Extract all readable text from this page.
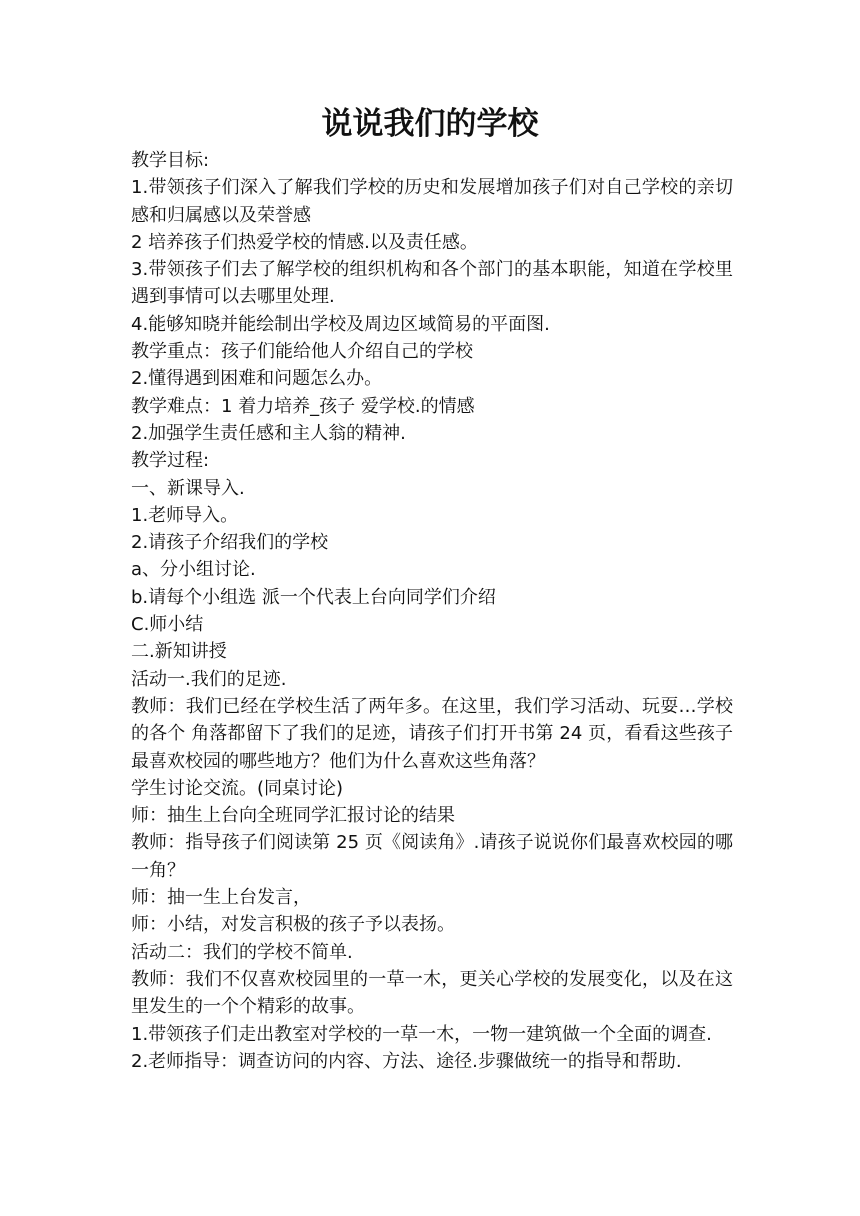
说说我们的学校

教学目标:

1.带领孩子们深入了解我们学校的历史和发展增加孩子们对自己学校的亲切感和归属感以及荣誉感

2 培养孩子们热爱学校的情感.以及责任感。

3.带领孩子们去了解学校的组织机构和各个部门的基本职能，知道在学校里遇到事情可以去哪里处理.

4.能够知晓并能绘制出学校及周边区域简易的平面图.

教学重点：孩子们能给他人介绍自己的学校

2.懂得遇到困难和问题怎么办。

教学难点：1 着力培养_孩子 爱学校.的情感

2.加强学生责任感和主人翁的精神.

教学过程:

一、新课导入.

1.老师导入。

2.请孩子介绍我们的学校

a、分小组讨论.

b.请每个小组选 派一个代表上台向同学们介绍

C.师小结

二.新知讲授

活动一.我们的足迹.

教师：我们已经在学校生活了两年多。在这里，我们学习活动、玩耍…学校的各个 角落都留下了我们的足迹，请孩子们打开书第 24 页，看看这些孩子最喜欢校园的哪些地方？他们为什么喜欢这些角落？

学生讨论交流。(同桌讨论)

师：抽生上台向全班同学汇报讨论的结果

教师：指导孩子们阅读第 25 页《阅读角》.请孩子说说你们最喜欢校园的哪一角？

师：抽一生上台发言，

师：小结，对发言积极的孩子予以表扬。

活动二：我们的学校不简单.

教师：我们不仅喜欢校园里的一草一木，更关心学校的发展变化，以及在这里发生的一个个精彩的故事。

1.带领孩子们走出教室对学校的一草一木，一物一建筑做一个全面的调查.

2.老师指导：调查访问的内容、方法、途径.步骤做统一的指导和帮助.
